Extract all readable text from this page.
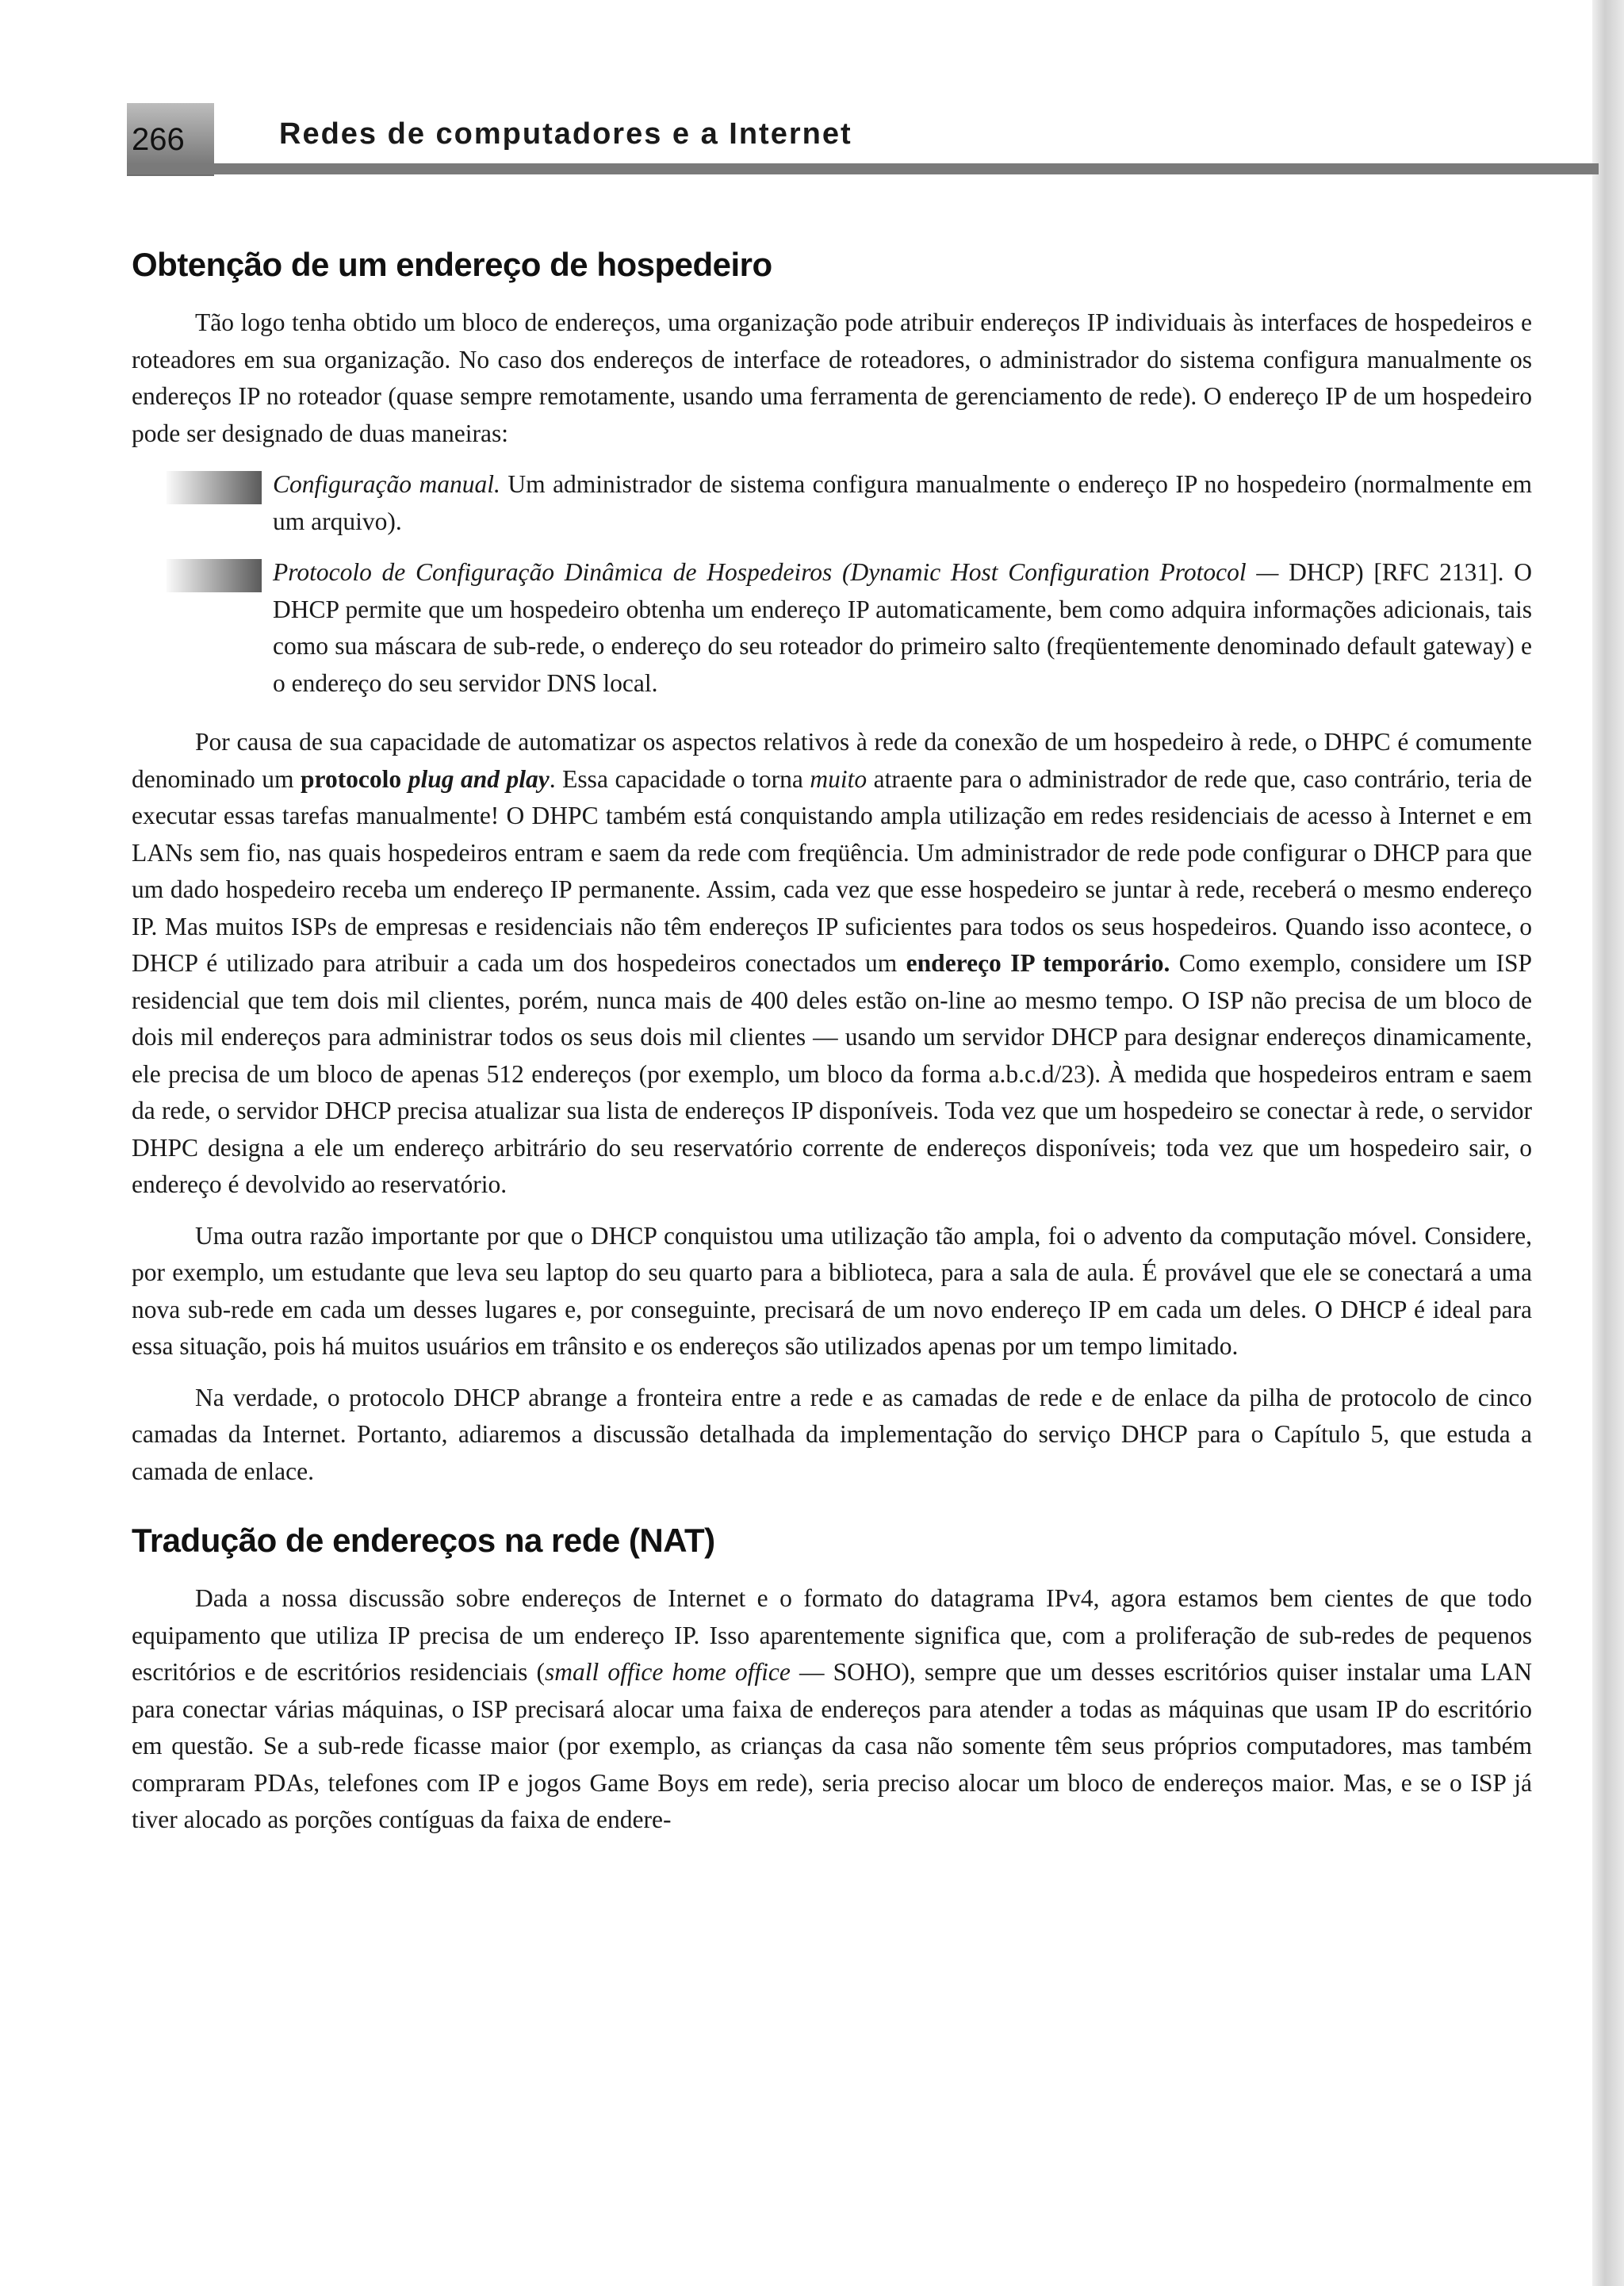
266	Redes de computadores e a Internet
Obtenção de um endereço de hospedeiro

Tão logo tenha obtido um bloco de endereços, uma organização pode atribuir endereços IP individuais às interfaces de hospedeiros e roteadores em sua organização. No caso dos endereços de interface de roteadores, o administrador do sistema configura manualmente os endereços IP no roteador (quase sempre remotamente, usando uma ferramenta de gerenciamento de rede). O endereço IP de um hospedeiro pode ser designado de duas maneiras:

Configuração manual. Um administrador de sistema configura manualmente o endereço IP no hospedeiro (normalmente em um arquivo).
Protocolo de Configuração Dinâmica de Hospedeiros (Dynamic Host Configuration Protocol — DHCP) [RFC 2131]. O DHCP permite que um hospedeiro obtenha um endereço IP automaticamente, bem como adquira informações adicionais, tais como sua máscara de sub-rede, o endereço do seu roteador do primeiro salto (freqüentemente denominado default gateway) e o endereço do seu servidor DNS local.

Por causa de sua capacidade de automatizar os aspectos relativos à rede da conexão de um hospedeiro à rede, o DHPC é comumente denominado um protocolo plug and play. Essa capacidade o torna muito atraente para o administrador de rede que, caso contrário, teria de executar essas tarefas manualmente! O DHPC também está conquistando ampla utilização em redes residenciais de acesso à Internet e em LANs sem fio, nas quais hospedeiros entram e saem da rede com freqüência. Um administrador de rede pode configurar o DHCP para que um dado hospedeiro receba um endereço IP permanente. Assim, cada vez que esse hospedeiro se juntar à rede, receberá o mesmo endereço IP. Mas muitos ISPs de empresas e residenciais não têm endereços IP suficientes para todos os seus hospedeiros. Quando isso acontece, o DHCP é utilizado para atribuir a cada um dos hospedeiros conectados um endereço IP temporário. Como exemplo, considere um ISP residencial que tem dois mil clientes, porém, nunca mais de 400 deles estão on-line ao mesmo tempo. O ISP não precisa de um bloco de dois mil endereços para administrar todos os seus dois mil clientes — usando um servidor DHCP para designar endereços dinamicamente, ele precisa de um bloco de apenas 512 endereços (por exemplo, um bloco da forma a.b.c.d/23). À medida que hospedeiros entram e saem da rede, o servidor DHCP precisa atualizar sua lista de endereços IP disponíveis. Toda vez que um hospedeiro se conectar à rede, o servidor DHPC designa a ele um endereço arbitrário do seu reservatório corrente de endereços disponíveis; toda vez que um hospedeiro sair, o endereço é devolvido ao reservatório.

Uma outra razão importante por que o DHCP conquistou uma utilização tão ampla, foi o advento da computação móvel. Considere, por exemplo, um estudante que leva seu laptop do seu quarto para a biblioteca, para a sala de aula. É provável que ele se conectará a uma nova sub-rede em cada um desses lugares e, por conseguinte, precisará de um novo endereço IP em cada um deles. O DHCP é ideal para essa situação, pois há muitos usuários em trânsito e os endereços são utilizados apenas por um tempo limitado.

Na verdade, o protocolo DHCP abrange a fronteira entre a rede e as camadas de rede e de enlace da pilha de protocolo de cinco camadas da Internet. Portanto, adiaremos a discussão detalhada da implementação do serviço DHCP para o Capítulo 5, que estuda a camada de enlace.

Tradução de endereços na rede (NAT)

Dada a nossa discussão sobre endereços de Internet e o formato do datagrama IPv4, agora estamos bem cientes de que todo equipamento que utiliza IP precisa de um endereço IP. Isso aparentemente significa que, com a proliferação de sub-redes de pequenos escritórios e de escritórios residenciais (small office home office — SOHO), sempre que um desses escritórios quiser instalar uma LAN para conectar várias máquinas, o ISP precisará alocar uma faixa de endereços para atender a todas as máquinas que usam IP do escritório em questão. Se a sub-rede ficasse maior (por exemplo, as crianças da casa não somente têm seus próprios computadores, mas também compraram PDAs, telefones com IP e jogos Game Boys em rede), seria preciso alocar um bloco de endereços maior. Mas, e se o ISP já tiver alocado as porções contíguas da faixa de endere-
